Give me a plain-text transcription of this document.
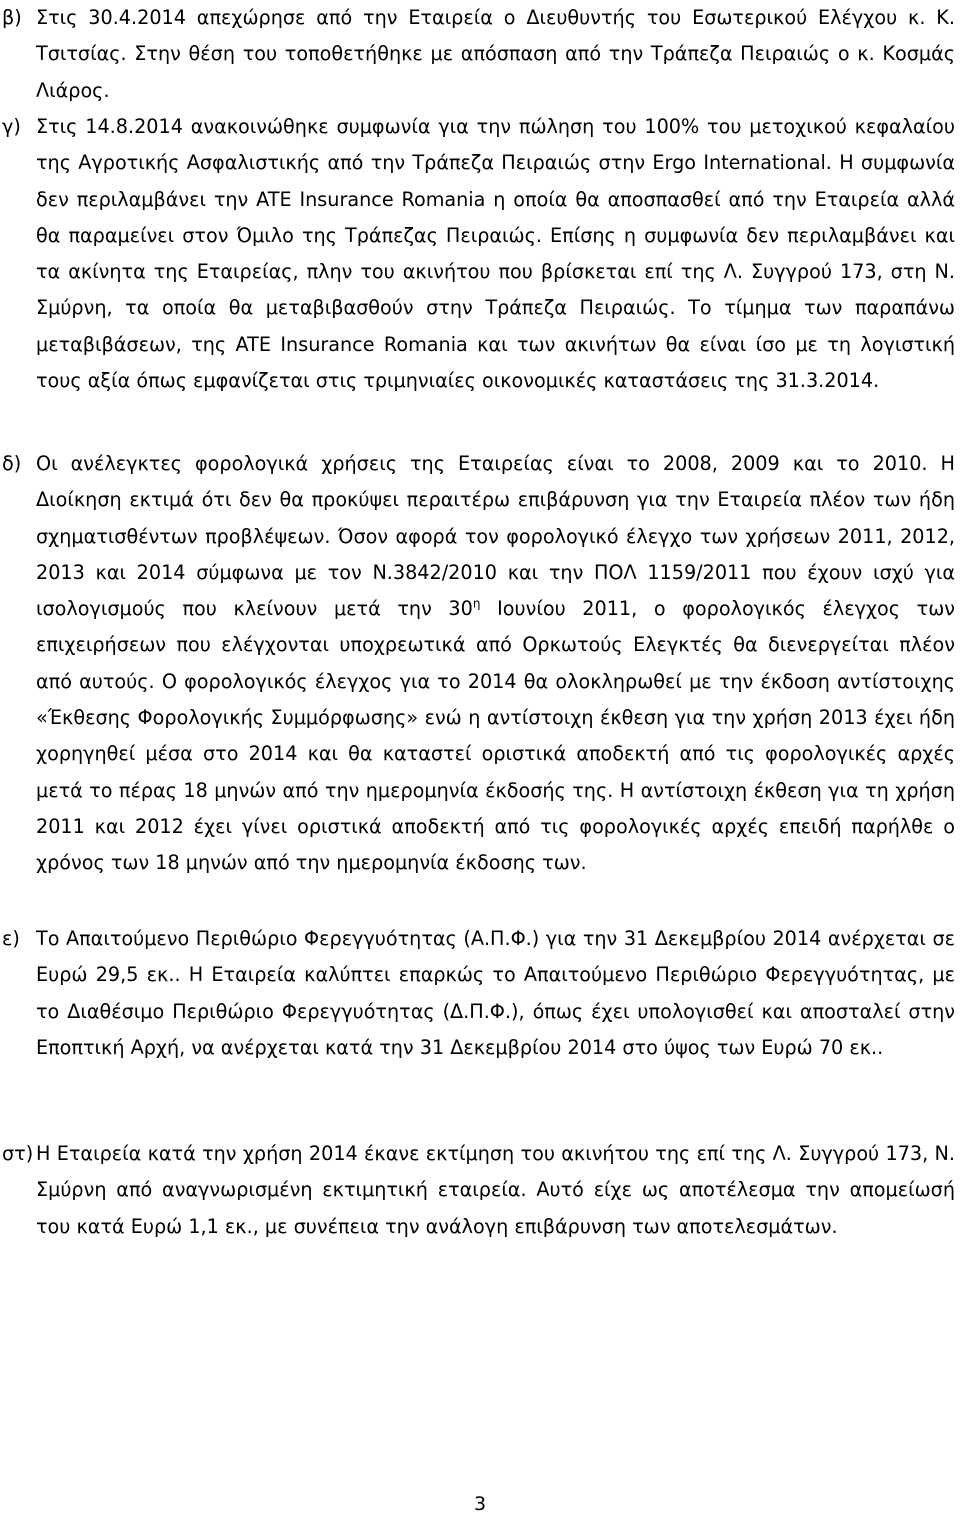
β) Στις 30.4.2014 απεχώρησε από την Εταιρεία ο Διευθυντής του Εσωτερικού Ελέγχου κ. Κ. Τσιτσίας. Στην θέση του τοποθετήθηκε με απόσπαση από την Τράπεζα Πειραιώς ο κ. Κοσμάς Λιάρος.
γ) Στις 14.8.2014 ανακοινώθηκε συμφωνία για την πώληση του 100% του μετοχικού κεφαλαίου της Αγροτικής Ασφαλιστικής από την Τράπεζα Πειραιώς στην Ergo International. Η συμφωνία δεν περιλαμβάνει την ATE Insurance Romania η οποία θα αποσπασθεί από την Εταιρεία αλλά θα παραμείνει στον Όμιλο της Τράπεζας Πειραιώς. Επίσης η συμφωνία δεν περιλαμβάνει και τα ακίνητα της Εταιρείας, πλην του ακινήτου που βρίσκεται επί της Λ. Συγγρού 173, στη Ν. Σμύρνη, τα οποία θα μεταβιβασθούν στην Τράπεζα Πειραιώς. Το τίμημα των παραπάνω μεταβιβάσεων, της ATE Insurance Romania και των ακινήτων θα είναι ίσο με τη λογιστική τους αξία όπως εμφανίζεται στις τριμηνιαίες οικονομικές καταστάσεις της 31.3.2014.
δ) Οι ανέλεγκτες φορολογικά χρήσεις της Εταιρείας είναι το 2008, 2009 και το 2010. Η Διοίκηση εκτιμά ότι δεν θα προκύψει περαιτέρω επιβάρυνση για την Εταιρεία πλέον των ήδη σχηματισθέντων προβλέψεων. Όσον αφορά τον φορολογικό έλεγχο των χρήσεων 2011, 2012, 2013 και 2014 σύμφωνα με τον Ν.3842/2010 και την ΠΟΛ 1159/2011 που έχουν ισχύ για ισολογισμούς που κλείνουν μετά την $30^\eta$ Ιουνίου 2011, ο φορολογικός έλεγχος των επιχειρήσεων που ελέγχονται υποχρεωτικά από Ορκωτούς Ελεγκτές θα διενεργείται πλέον από αυτούς. Ο φορολογικός έλεγχος για το 2014 θα ολοκληρωθεί με την έκδοση αντίστοιχης «Έκθεσης Φορολογικής Συμμόρφωσης» ενώ η αντίστοιχη έκθεση για την χρήση 2013 έχει ήδη χορηγηθεί μέσα στο 2014 και θα καταστεί οριστικά αποδεκτή από τις φορολογικές αρχές μετά το πέρας 18 μηνών από την ημερομηνία έκδοσής της. Η αντίστοιχη έκθεση για τη χρήση 2011 και 2012 έχει γίνει οριστικά αποδεκτή από τις φορολογικές αρχές επειδή παρήλθε ο χρόνος των 18 μηνών από την ημερομηνία έκδοσης των.
ε) Το Απαιτούμενο Περιθώριο Φερεγγυότητας (Α.Π.Φ.) για την 31 Δεκεμβρίου 2014 ανέρχεται σε Ευρώ 29,5 εκ.. Η Εταιρεία καλύπτει επαρκώς το Απαιτούμενο Περιθώριο Φερεγγυότητας, με το Διαθέσιμο Περιθώριο Φερεγγυότητας (Δ.Π.Φ.), όπως έχει υπολογισθεί και αποσταλεί στην Εποπτική Αρχή, να ανέρχεται κατά την 31 Δεκεμβρίου 2014 στο ύψος των Ευρώ 70 εκ..
στ) Η Εταιρεία κατά την χρήση 2014 έκανε εκτίμηση του ακινήτου της επί της Λ. Συγγρού 173, Ν. Σμύρνη από αναγνωρισμένη εκτιμητική εταιρεία. Αυτό είχε ως αποτέλεσμα την απομείωσή του κατά Ευρώ 1,1 εκ., με συνέπεια την ανάλογη επιβάρυνση των αποτελεσμάτων.
3
